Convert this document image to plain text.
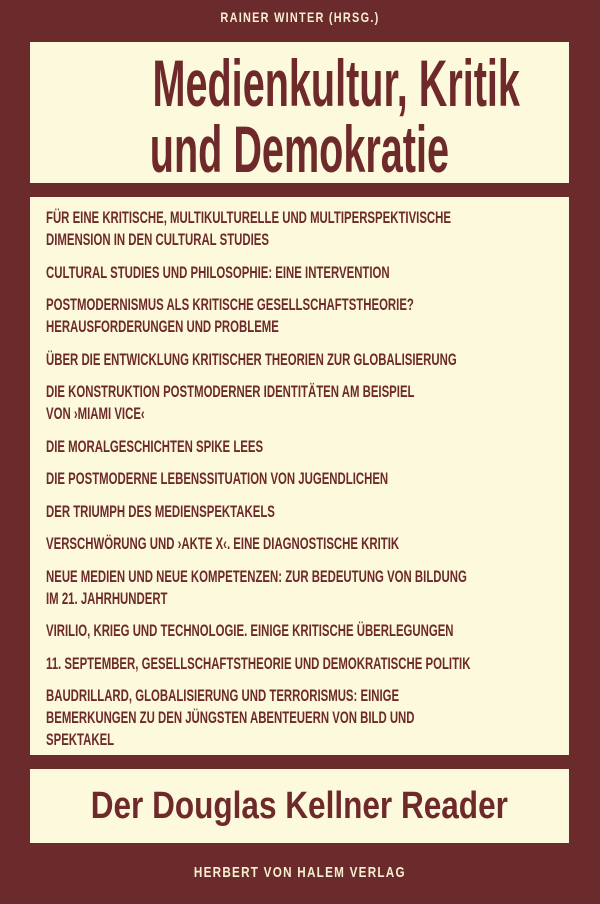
RAINER WINTER (HRSG.)
Medienkultur, Kritik
und Demokratie
FÜR EINE KRITISCHE, MULTIKULTURELLE UND MULTIPERSPEKTIVISCHE
DIMENSION IN DEN CULTURAL STUDIES
CULTURAL STUDIES UND PHILOSOPHIE: EINE INTERVENTION
POSTMODERNISMUS ALS KRITISCHE GESELLSCHAFTSTHEORIE?
HERAUSFORDERUNGEN UND PROBLEME
ÜBER DIE ENTWICKLUNG KRITISCHER THEORIEN ZUR GLOBALISIERUNG
DIE KONSTRUKTION POSTMODERNER IDENTITÄTEN AM BEISPIEL
VON ›MIAMI VICE‹
DIE MORALGESCHICHTEN SPIKE LEES
DIE POSTMODERNE LEBENSSITUATION VON JUGENDLICHEN
DER TRIUMPH DES MEDIENSPEKTAKELS
VERSCHWÖRUNG UND ›AKTE X‹. EINE DIAGNOSTISCHE KRITIK
NEUE MEDIEN UND NEUE KOMPETENZEN: ZUR BEDEUTUNG VON BILDUNG
IM 21. JAHRHUNDERT
VIRILIO, KRIEG UND TECHNOLOGIE. EINIGE KRITISCHE ÜBERLEGUNGEN
11. SEPTEMBER, GESELLSCHAFTSTHEORIE UND DEMOKRATISCHE POLITIK
BAUDRILLARD, GLOBALISIERUNG UND TERRORISMUS: EINIGE
BEMERKUNGEN ZU DEN JÜNGSTEN ABENTEUERN VON BILD UND
SPEKTAKEL
Der Douglas Kellner Reader
HERBERT VON HALEM VERLAG
